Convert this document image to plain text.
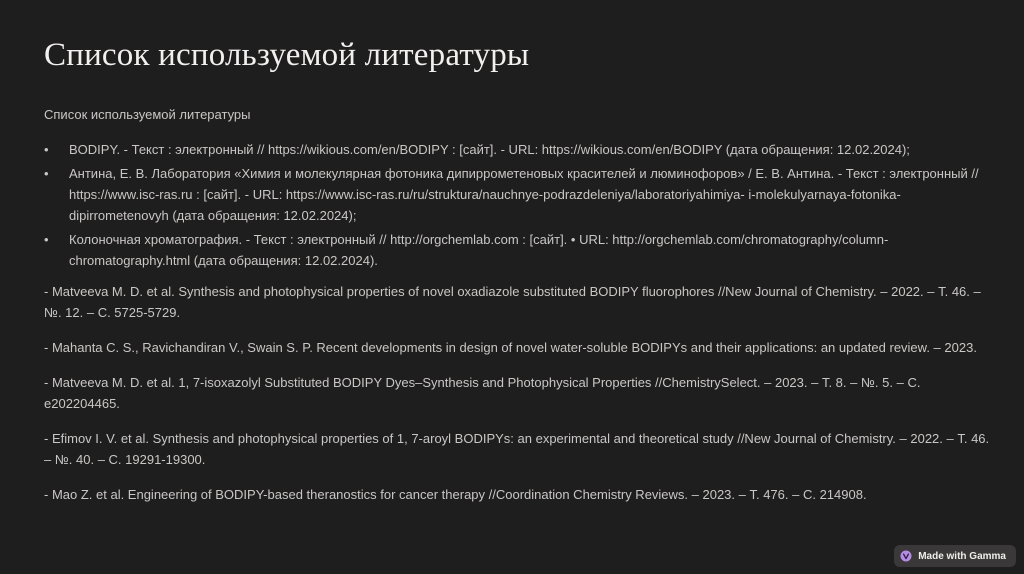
Список используемой литературы

Список используемой литературы

• BODIPY. - Текст : электронный // https://wikious.com/en/BODIPY : [сайт]. - URL: https://wikious.com/en/BODIPY (дата обращения: 12.02.2024);
• Антина, Е. В. Лаборатория «Химия и молекулярная фотоника дипиррометеновых красителей и люминофоров» / Е. В. Антина. - Текст : электронный // https://www.isc-ras.ru : [сайт]. - URL: https://www.isc-ras.ru/ru/struktura/nauchnye-podrazdeleniya/laboratoriyahimiya- i-molekulyarnaya-fotonika-dipirrometenovyh (дата обращения: 12.02.2024);
• Колоночная хроматография. - Текст : электронный // http://orgchemlab.com : [сайт]. • URL: http://orgchemlab.com/chromatography/column-chromatography.html (дата обращения: 12.02.2024).

- Matveeva M. D. et al. Synthesis and photophysical properties of novel oxadiazole substituted BODIPY fluorophores //New Journal of Chemistry. – 2022. – Т. 46. – №. 12. – С. 5725-5729.

- Mahanta C. S., Ravichandiran V., Swain S. P. Recent developments in design of novel water-soluble BODIPYs and their applications: an updated review. – 2023.

- Matveeva M. D. et al. 1, 7-isoxazolyl Substituted BODIPY Dyes–Synthesis and Photophysical Properties //ChemistrySelect. – 2023. – Т. 8. – №. 5. – С. e202204465.

- Efimov I. V. et al. Synthesis and photophysical properties of 1, 7-aroyl BODIPYs: an experimental and theoretical study //New Journal of Chemistry. – 2022. – Т. 46. – №. 40. – С. 19291-19300.

- Mao Z. et al. Engineering of BODIPY-based theranostics for cancer therapy //Coordination Chemistry Reviews. – 2023. – Т. 476. – С. 214908.

Made with Gamma
